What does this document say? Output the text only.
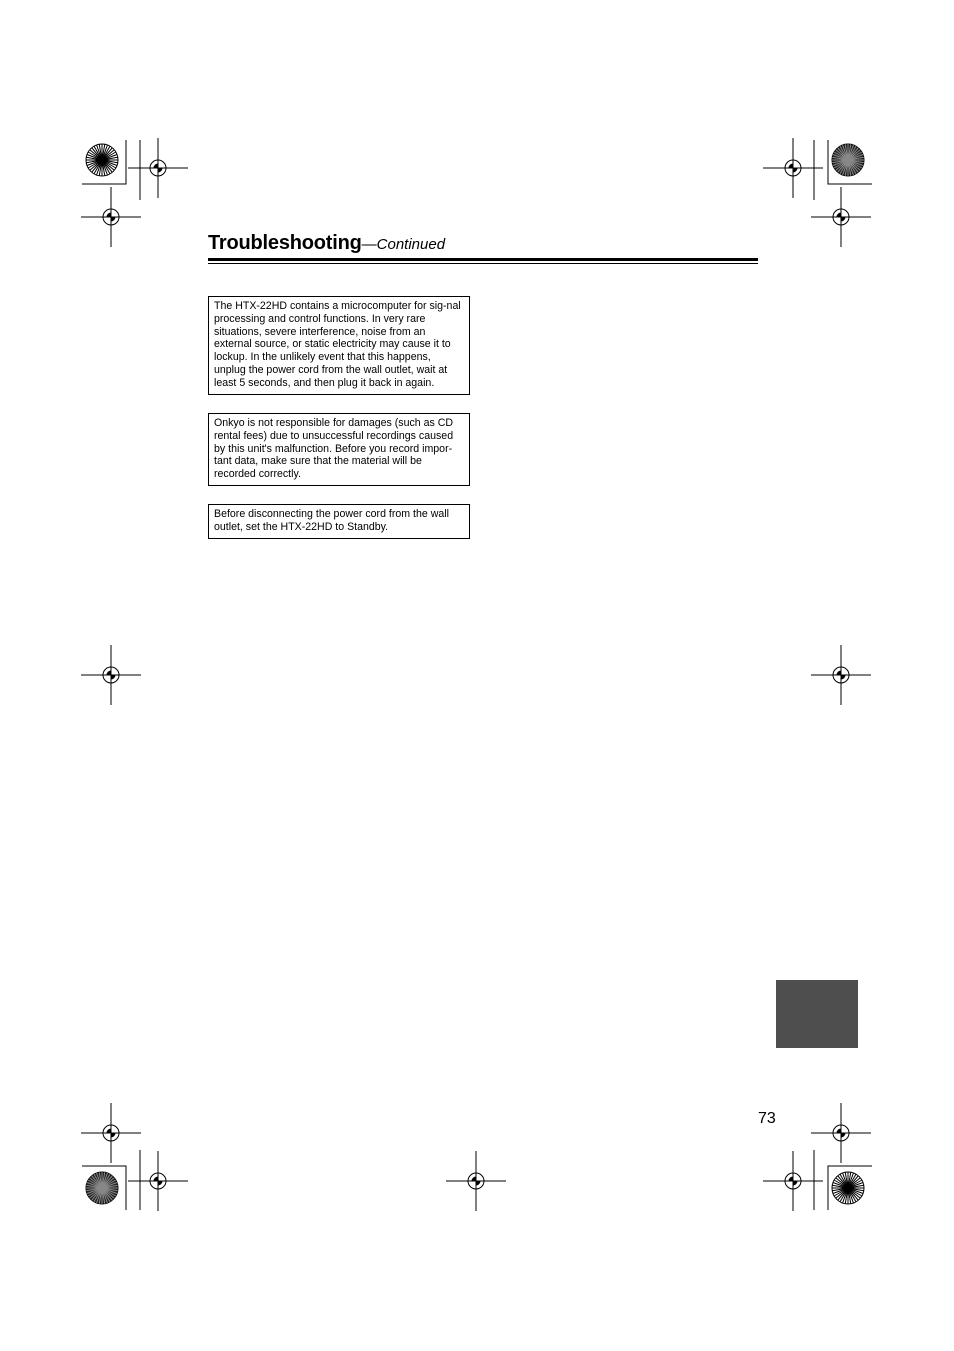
Troubleshooting—Continued
The HTX-22HD contains a microcomputer for sig-nal processing and control functions. In very rare situations, severe interference, noise from an external source, or static electricity may cause it to lockup. In the unlikely event that this happens, unplug the power cord from the wall outlet, wait at least 5 seconds, and then plug it back in again.
Onkyo is not responsible for damages (such as CD rental fees) due to unsuccessful recordings caused by this unit's malfunction. Before you record impor-tant data, make sure that the material will be recorded correctly.
Before disconnecting the power cord from the wall outlet, set the HTX-22HD to Standby.
73
